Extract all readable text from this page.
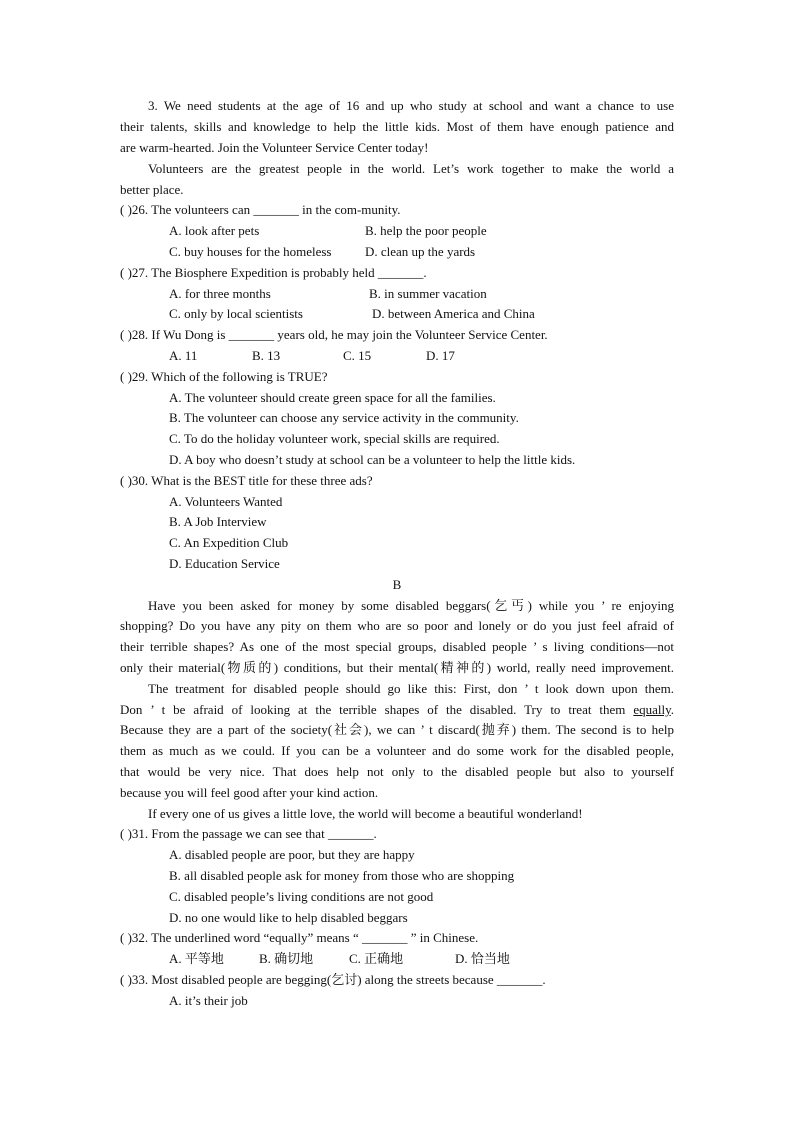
3. We need students at the age of 16 and up who study at school and want a chance to use
their talents, skills and knowledge to help the little kids. Most of them have enough patience and
are warm-hearted. Join the Volunteer Service Center today!
Volunteers are the greatest people in the world. Let’s work together to make the world a
better place.
( )26. The volunteers can _______ in the com-munity.
A. look after pets	B. help the poor people
C. buy houses for the homeless	D. clean up the yards
( )27. The Biosphere Expedition is probably held _______.
A. for three months	B. in summer vacation
C. only by local scientists	D. between America and China
( )28. If Wu Dong is _______ years old, he may join the Volunteer Service Center.
A. 11	B. 13	C. 15	D. 17
( )29. Which of the following is TRUE?
A. The volunteer should create green space for all the families.
B. The volunteer can choose any service activity in the community.
C. To do the holiday volunteer work, special skills are required.
D. A boy who doesn’t study at school can be a volunteer to help the little kids.
( )30. What is the BEST title for these three ads?
A. Volunteers Wanted
B. A Job Interview
C. An Expedition Club
D. Education Service
B
Have you been asked for money by some disabled beggars(乞丐) while you ’ re enjoying
shopping? Do you have any pity on them who are so poor and lonely or do you just feel afraid of
their terrible shapes? As one of the most special groups, disabled people ’ s living conditions—not
only their material(物质的) conditions, but their mental(精神的) world, really need improvement.
The treatment for disabled people should go like this: First, don ’ t look down upon them.
Don ’ t be afraid of looking at the terrible shapes of the disabled. Try to treat them equally.
Because they are a part of the society(社会), we can ’ t discard(抛弃) them. The second is to help
them as much as we could. If you can be a volunteer and do some work for the disabled people,
that would be very nice. That does help not only to the disabled people but also to yourself
because you will feel good after your kind action.
If every one of us gives a little love, the world will become a beautiful wonderland!
( )31. From the passage we can see that _______.
A. disabled people are poor, but they are happy
B. all disabled people ask for money from those who are shopping
C. disabled people’s living conditions are not good
D. no one would like to help disabled beggars
( )32. The underlined word “equally” means “ _______ ” in Chinese.
A. 平等地	B. 确切地	C. 正确地	D. 恰当地
( )33. Most disabled people are begging(乞讨) along the streets because _______.
A. it’s their job
